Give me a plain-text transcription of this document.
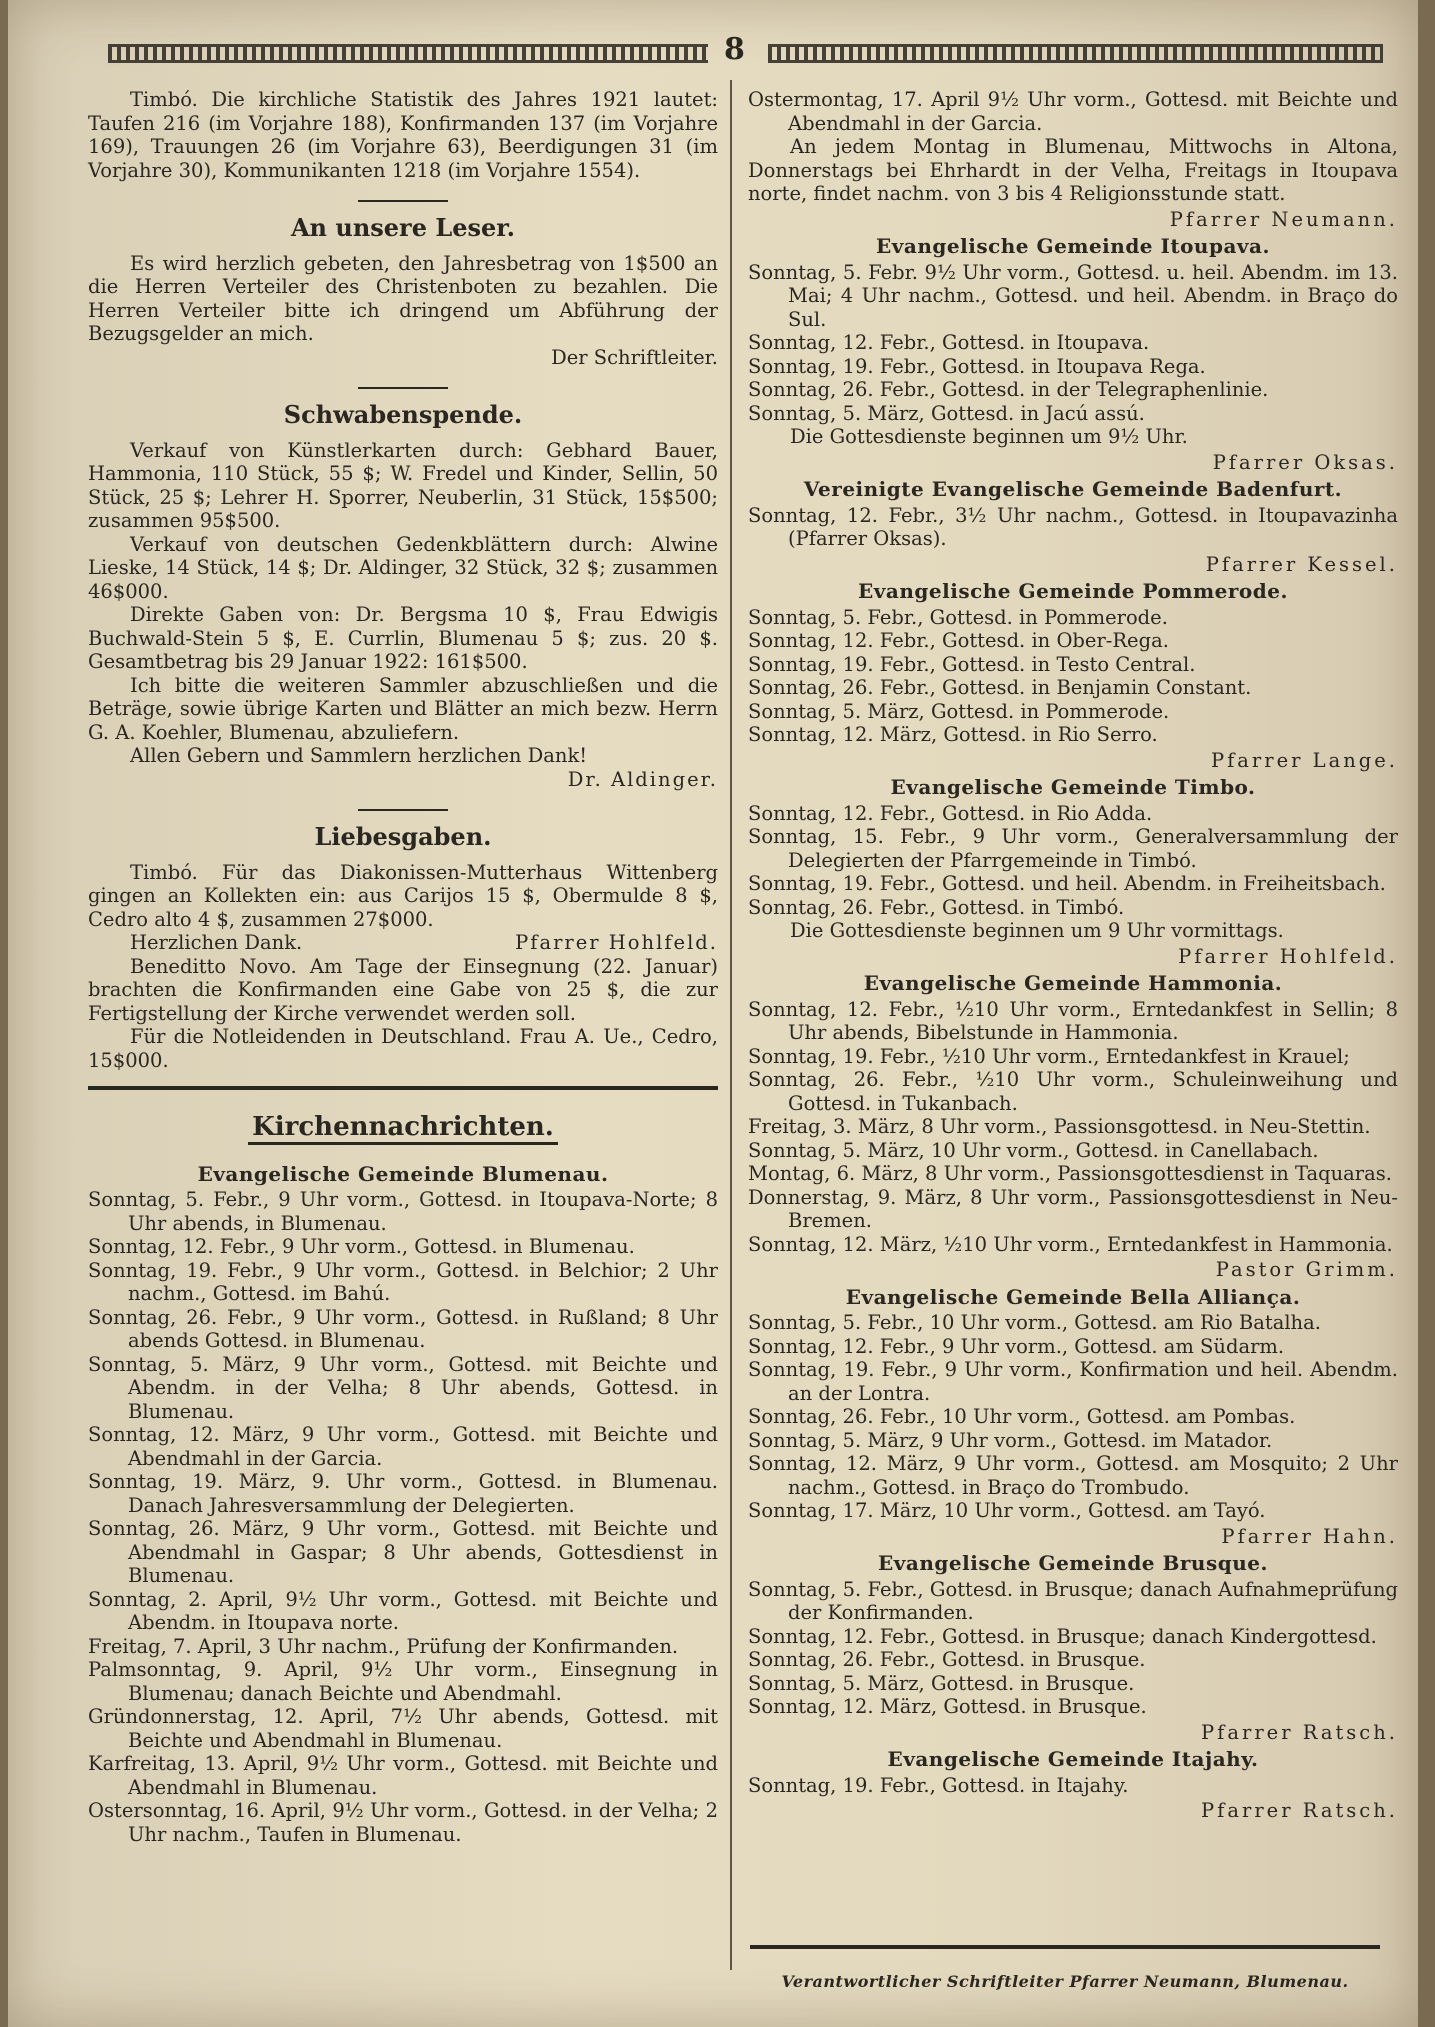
8

Timbó. Die kirchliche Statistik des Jahres 1921 lautet: Taufen 216 (im Vorjahre 188), Konfirmanden 137 (im Vorjahre 169), Trauungen 26 (im Vorjahre 63), Beerdigungen 31 (im Vorjahre 30), Kommunikanten 1218 (im Vorjahre 1554).

An unsere Leser.

Es wird herzlich gebeten, den Jahresbetrag von 1$500 an die Herren Verteiler des Christenboten zu bezahlen. Die Herren Verteiler bitte ich dringend um Abführung der Bezugsgelder an mich.

Der Schriftleiter.

Schwabenspende.

Verkauf von Künstlerkarten durch: Gebhard Bauer, Hammonia, 110 Stück, 55 $; W. Fredel und Kinder, Sellin, 50 Stück, 25 $; Lehrer H. Sporrer, Neuberlin, 31 Stück, 15$500; zusammen 95$500.

Verkauf von deutschen Gedenkblättern durch: Alwine Lieske, 14 Stück, 14 $; Dr. Aldinger, 32 Stück, 32 $; zusammen 46$000.

Direkte Gaben von: Dr. Bergsma 10 $, Frau Edwigis Buchwald-Stein 5 $, E. Currlin, Blumenau 5 $; zus. 20 $. Gesamtbetrag bis 29 Januar 1922: 161$500.

Ich bitte die weiteren Sammler abzuschließen und die Beträge, sowie übrige Karten und Blätter an mich bezw. Herrn G. A. Koehler, Blumenau, abzuliefern.

Allen Gebern und Sammlern herzlichen Dank!

Dr. Aldinger.

Liebesgaben.

Timbó. Für das Diakonissen-Mutterhaus Wittenberg gingen an Kollekten ein: aus Carijos 15 $, Obermulde 8 $, Cedro alto 4 $, zusammen 27$000.

Herzlichen Dank.	Pfarrer Hohlfeld.

Beneditto Novo. Am Tage der Einsegnung (22. Januar) brachten die Konfirmanden eine Gabe von 25 $, die zur Fertigstellung der Kirche verwendet werden soll.

Für die Notleidenden in Deutschland. Frau A. Ue., Cedro, 15$000.

Kirchennachrichten.
Evangelische Gemeinde Blumenau.

Sonntag, 5. Febr., 9 Uhr vorm., Gottesd. in Itoupava-Norte; 8 Uhr abends, in Blumenau.

Sonntag, 12. Febr., 9 Uhr vorm., Gottesd. in Blumenau.

Sonntag, 19. Febr., 9 Uhr vorm., Gottesd. in Belchior; 2 Uhr nachm., Gottesd. im Bahú.

Sonntag, 26. Febr., 9 Uhr vorm., Gottesd. in Rußland; 8 Uhr abends Gottesd. in Blumenau.

Sonntag, 5. März, 9 Uhr vorm., Gottesd. mit Beichte und Abendm. in der Velha; 8 Uhr abends, Gottesd. in Blumenau.

Sonntag, 12. März, 9 Uhr vorm., Gottesd. mit Beichte und Abendmahl in der Garcia.

Sonntag, 19. März, 9. Uhr vorm., Gottesd. in Blumenau. Danach Jahresversammlung der Delegierten.

Sonntag, 26. März, 9 Uhr vorm., Gottesd. mit Beichte und Abendmahl in Gaspar; 8 Uhr abends, Gottesdienst in Blumenau.

Sonntag, 2. April, 9½ Uhr vorm., Gottesd. mit Beichte und Abendm. in Itoupava norte.

Freitag, 7. April, 3 Uhr nachm., Prüfung der Konfirmanden.

Palmsonntag, 9. April, 9½ Uhr vorm., Einsegnung in Blumenau; danach Beichte und Abendmahl.

Gründonnerstag, 12. April, 7½ Uhr abends, Gottesd. mit Beichte und Abendmahl in Blumenau.

Karfreitag, 13. April, 9½ Uhr vorm., Gottesd. mit Beichte und Abendmahl in Blumenau.

Ostersonntag, 16. April, 9½ Uhr vorm., Gottesd. in der Velha; 2 Uhr nachm., Taufen in Blumenau.

Ostermontag, 17. April 9½ Uhr vorm., Gottesd. mit Beichte und Abendmahl in der Garcia.

An jedem Montag in Blumenau, Mittwochs in Altona, Donnerstags bei Ehrhardt in der Velha, Freitags in Itoupava norte, findet nachm. von 3 bis 4 Religionsstunde statt.

Pfarrer Neumann.

Evangelische Gemeinde Itoupava.

Sonntag, 5. Febr. 9½ Uhr vorm., Gottesd. u. heil. Abendm. im 13. Mai; 4 Uhr nachm., Gottesd. und heil. Abendm. in Braço do Sul.

Sonntag, 12. Febr., Gottesd. in Itoupava.

Sonntag, 19. Febr., Gottesd. in Itoupava Rega.

Sonntag, 26. Febr., Gottesd. in der Telegraphenlinie.

Sonntag, 5. März, Gottesd. in Jacú assú.

Die Gottesdienste beginnen um 9½ Uhr.

Pfarrer Oksas.

Vereinigte Evangelische Gemeinde Badenfurt.

Sonntag, 12. Febr., 3½ Uhr nachm., Gottesd. in Itoupavazinha (Pfarrer Oksas).

Pfarrer Kessel.

Evangelische Gemeinde Pommerode.

Sonntag, 5. Febr., Gottesd. in Pommerode.

Sonntag, 12. Febr., Gottesd. in Ober-Rega.

Sonntag, 19. Febr., Gottesd. in Testo Central.

Sonntag, 26. Febr., Gottesd. in Benjamin Constant.

Sonntag, 5. März, Gottesd. in Pommerode.

Sonntag, 12. März, Gottesd. in Rio Serro.

Pfarrer Lange.

Evangelische Gemeinde Timbo.

Sonntag, 12. Febr., Gottesd. in Rio Adda.

Sonntag, 15. Febr., 9 Uhr vorm., Generalversammlung der Delegierten der Pfarrgemeinde in Timbó.

Sonntag, 19. Febr., Gottesd. und heil. Abendm. in Freiheitsbach.

Sonntag, 26. Febr., Gottesd. in Timbó.

Die Gottesdienste beginnen um 9 Uhr vormittags.

Pfarrer Hohlfeld.

Evangelische Gemeinde Hammonia.

Sonntag, 12. Febr., ½10 Uhr vorm., Erntedankfest in Sellin; 8 Uhr abends, Bibelstunde in Hammonia.

Sonntag, 19. Febr., ½10 Uhr vorm., Erntedankfest in Krauel;

Sonntag, 26. Febr., ½10 Uhr vorm., Schuleinweihung und Gottesd. in Tukanbach.

Freitag, 3. März, 8 Uhr vorm., Passionsgottesd. in Neu-Stettin.

Sonntag, 5. März, 10 Uhr vorm., Gottesd. in Canellabach.

Montag, 6. März, 8 Uhr vorm., Passionsgottesdienst in Taquaras.

Donnerstag, 9. März, 8 Uhr vorm., Passionsgottesdienst in Neu-Bremen.

Sonntag, 12. März, ½10 Uhr vorm., Erntedankfest in Hammonia.

Pastor Grimm.

Evangelische Gemeinde Bella Alliança.

Sonntag, 5. Febr., 10 Uhr vorm., Gottesd. am Rio Batalha.

Sonntag, 12. Febr., 9 Uhr vorm., Gottesd. am Südarm.

Sonntag, 19. Febr., 9 Uhr vorm., Konfirmation und heil. Abendm. an der Lontra.

Sonntag, 26. Febr., 10 Uhr vorm., Gottesd. am Pombas.

Sonntag, 5. März, 9 Uhr vorm., Gottesd. im Matador.

Sonntag, 12. März, 9 Uhr vorm., Gottesd. am Mosquito; 2 Uhr nachm., Gottesd. in Braço do Trombudo.

Sonntag, 17. März, 10 Uhr vorm., Gottesd. am Tayó.

Pfarrer Hahn.

Evangelische Gemeinde Brusque.

Sonntag, 5. Febr., Gottesd. in Brusque; danach Aufnahmeprüfung der Konfirmanden.

Sonntag, 12. Febr., Gottesd. in Brusque; danach Kindergottesd.

Sonntag, 26. Febr., Gottesd. in Brusque.

Sonntag, 5. März, Gottesd. in Brusque.

Sonntag, 12. März, Gottesd. in Brusque.

Pfarrer Ratsch.

Evangelische Gemeinde Itajahy.

Sonntag, 19. Febr., Gottesd. in Itajahy.

Pfarrer Ratsch.

Verantwortlicher Schriftleiter Pfarrer Neumann, Blumenau.
